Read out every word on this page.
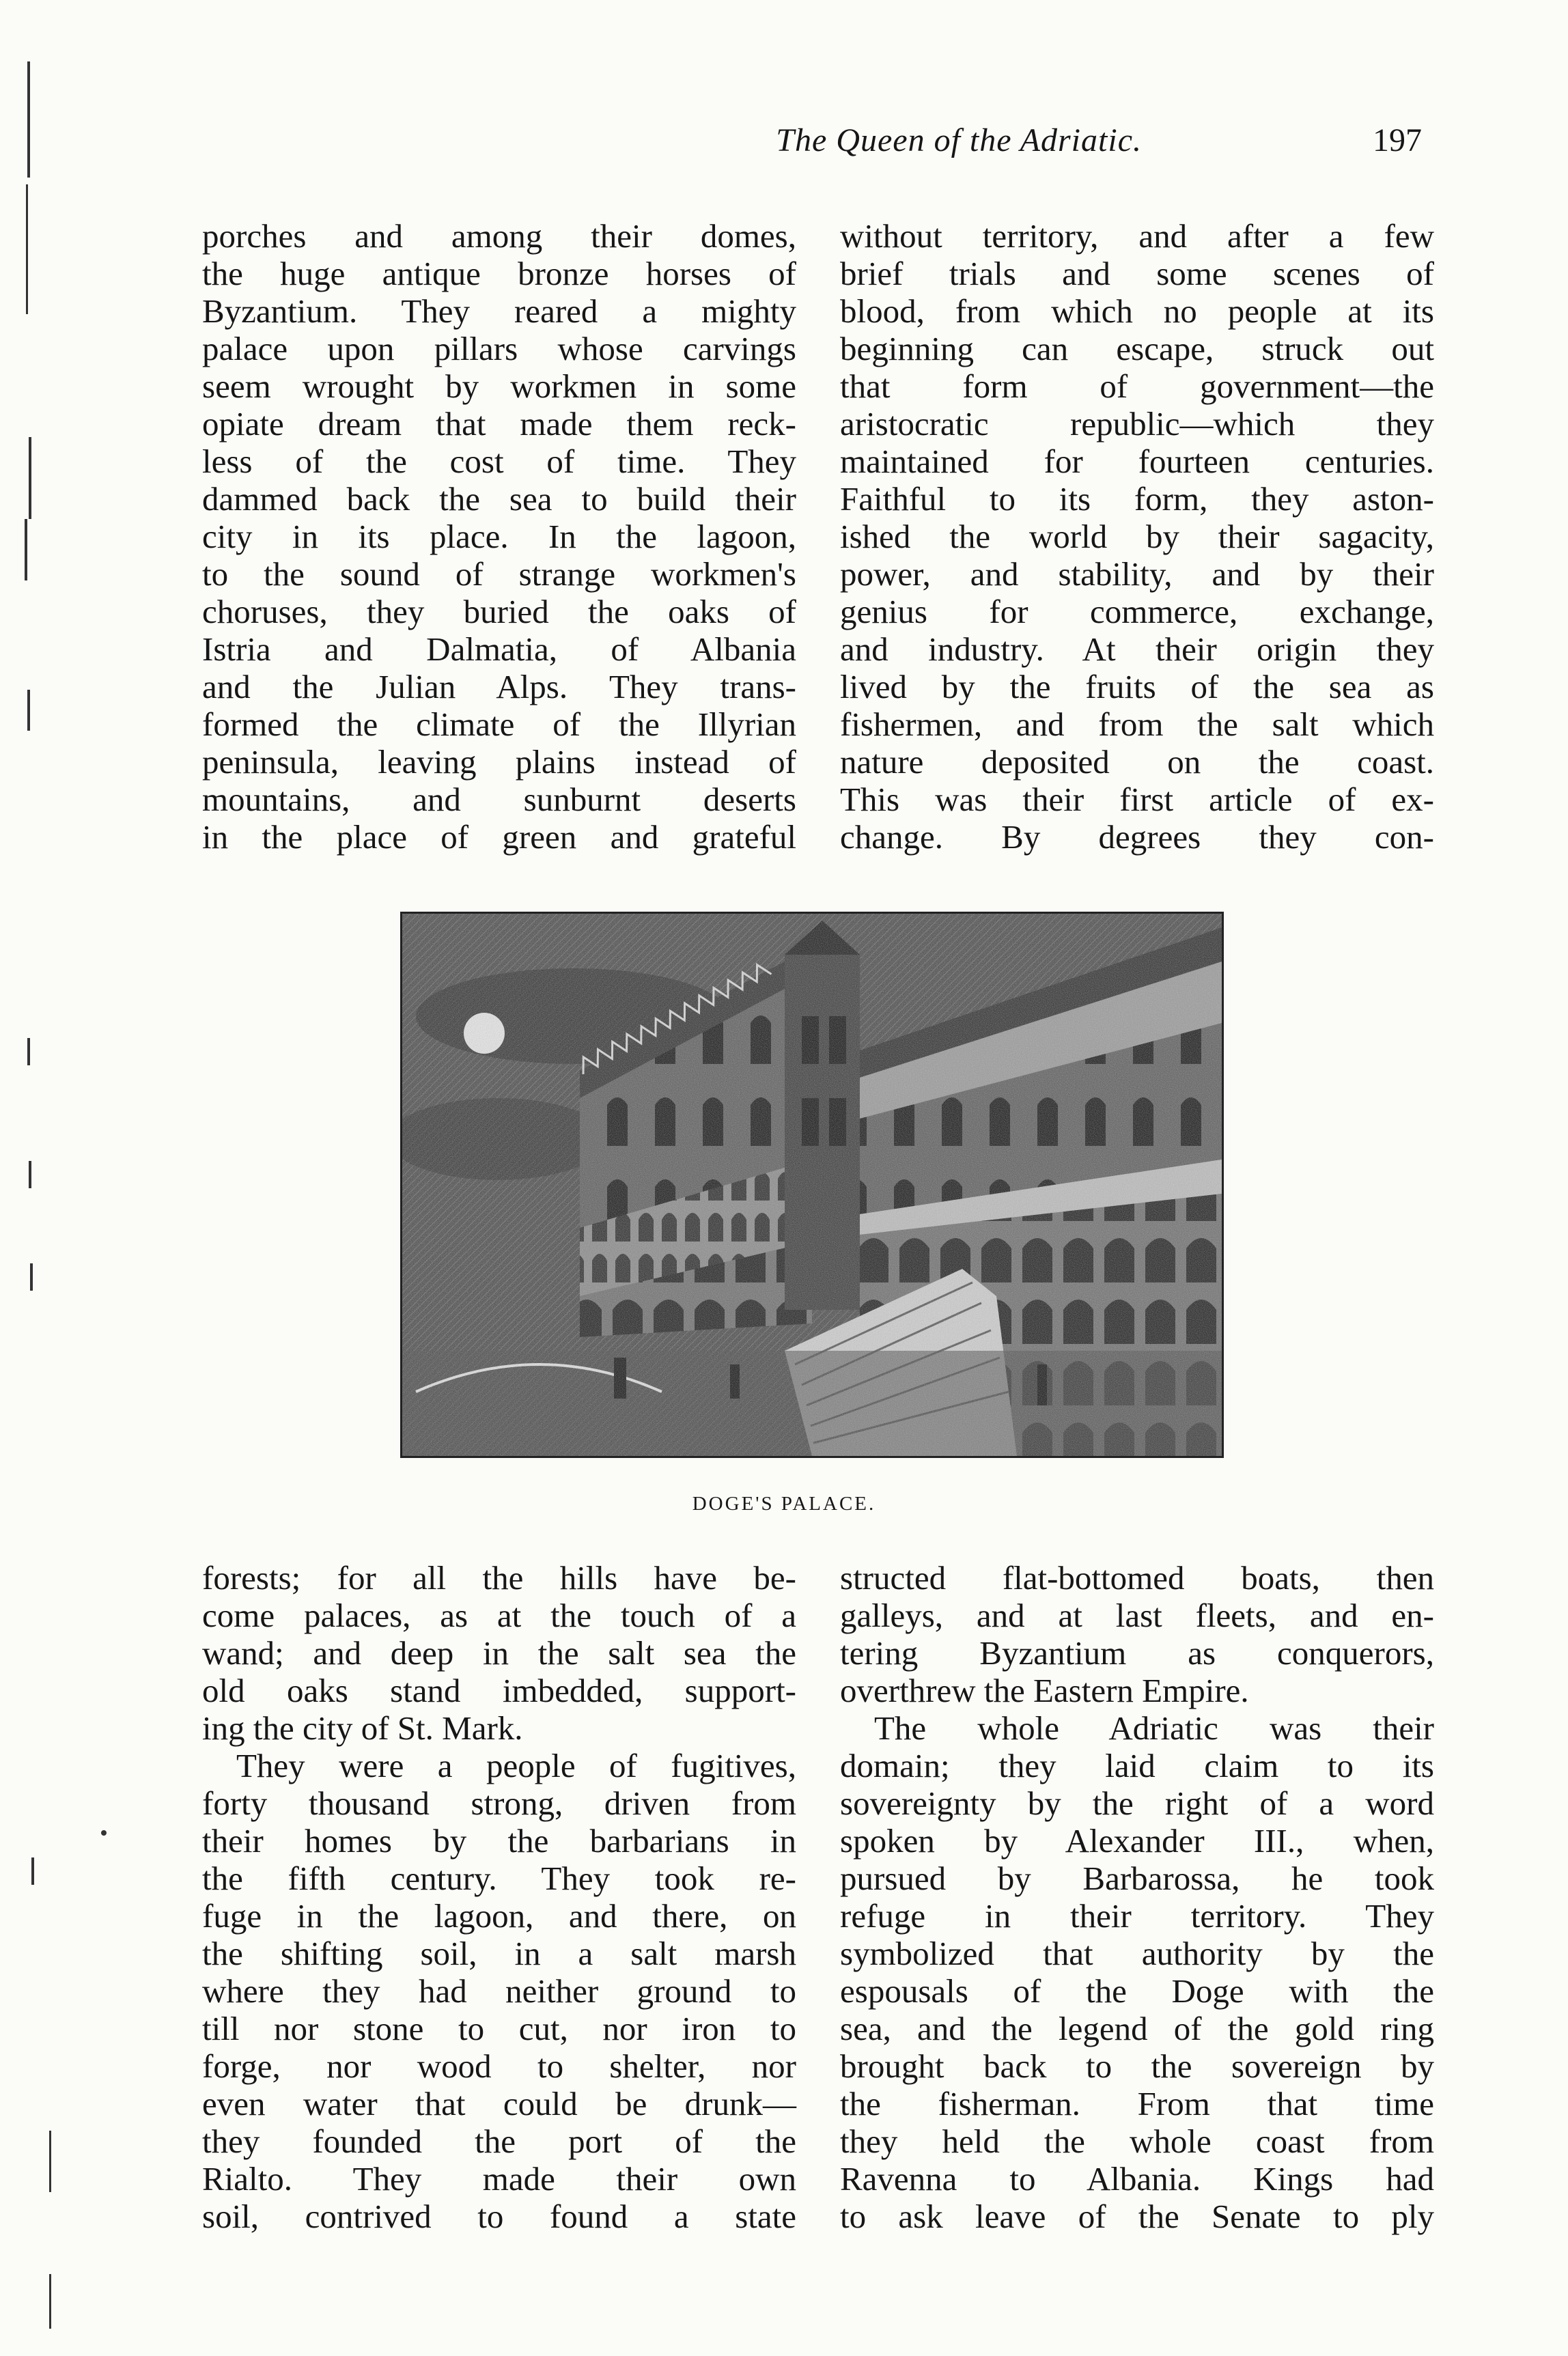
The Queen of the Adriatic.	197
porches and among their domes,
the huge antique bronze horses of
Byzantium. They reared a mighty
palace upon pillars whose carvings
seem wrought by workmen in some
opiate dream that made them reck-
less of the cost of time. They
dammed back the sea to build their
city in its place. In the lagoon,
to the sound of strange workmen's
choruses, they buried the oaks of
Istria and Dalmatia, of Albania
and the Julian Alps. They trans-
formed the climate of the Illyrian
peninsula, leaving plains instead of
mountains, and sunburnt deserts
in the place of green and grateful
without territory, and after a few
brief trials and some scenes of
blood, from which no people at its
beginning can escape, struck out
that form of government—the
aristocratic republic—which they
maintained for fourteen centuries.
Faithful to its form, they aston-
ished the world by their sagacity,
power, and stability, and by their
genius for commerce, exchange,
and industry. At their origin they
lived by the fruits of the sea as
fishermen, and from the salt which
nature deposited on the coast.
This was their first article of ex-
change. By degrees they con-
DOGE'S PALACE.
forests; for all the hills have be-
come palaces, as at the touch of a
wand; and deep in the salt sea the
old oaks stand imbedded, support-
ing the city of St. Mark.
They were a people of fugitives,
forty thousand strong, driven from
their homes by the barbarians in
the fifth century. They took re-
fuge in the lagoon, and there, on
the shifting soil, in a salt marsh
where they had neither ground to
till nor stone to cut, nor iron to
forge, nor wood to shelter, nor
even water that could be drunk—
they founded the port of the
Rialto. They made their own
soil, contrived to found a state
structed flat-bottomed boats, then
galleys, and at last fleets, and en-
tering Byzantium as conquerors,
overthrew the Eastern Empire.
The whole Adriatic was their
domain; they laid claim to its
sovereignty by the right of a word
spoken by Alexander III., when,
pursued by Barbarossa, he took
refuge in their territory. They
symbolized that authority by the
espousals of the Doge with the
sea, and the legend of the gold ring
brought back to the sovereign by
the fisherman. From that time
they held the whole coast from
Ravenna to Albania. Kings had
to ask leave of the Senate to ply
